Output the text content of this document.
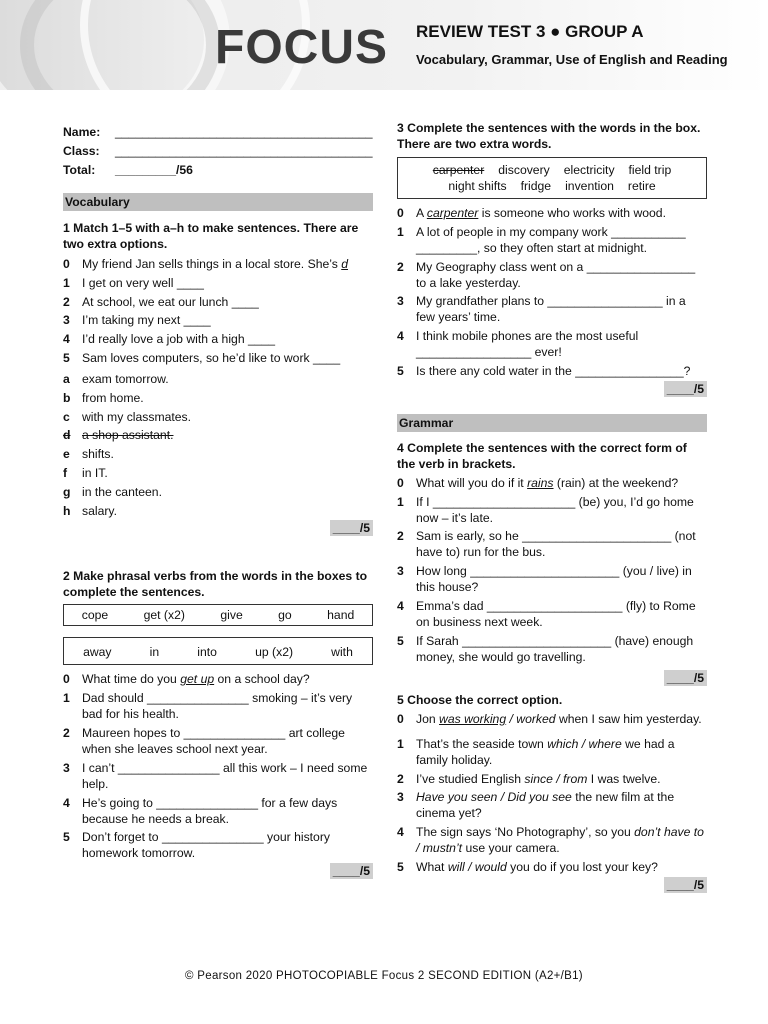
FOCUS REVIEW TEST 3 ● GROUP A
Vocabulary, Grammar, Use of English and Reading
Name:	______________________________________
Class:	______________________________________
Total:	_________/56
Vocabulary
1 Match 1–5 with a–h to make sentences. There are two extra options.
0	My friend Jan sells things in a local store. She’s d
1	I get on very well ____
2	At school, we eat our lunch ____
3	I’m taking my next ____
4	I’d really love a job with a high ____
5	Sam loves computers, so he’d like to work ____
a	exam tomorrow.
b from home.
c	with my classmates.
d a shop assistant.
e	shifts.
f	in IT.
g in the canteen.
h salary.
____/5
2 Make phrasal verbs from the words in the boxes to complete the sentences.
cope	get (x2)	give	go	hand
away	in	into	up (x2)	with
0	What time do you get up on a school day?
1	Dad should _______________ smoking – it’s very bad for his health.
2	Maureen hopes to _______________ art college when she leaves school next year.
3	I can’t _______________ all this work – I need some help.
4	He’s going to _______________ for a few days because he needs a break.
5	Don’t forget to _______________ your history homework tomorrow.
____/5
3 Complete the sentences with the words in the box. There are two extra words.
carpenter discovery electricity field trip
night shifts fridge invention retire
0	A carpenter is someone who works with wood.
1	A lot of people in my company work ___________ _________, so they often start at midnight.
2	My Geography class went on a ________________ to a lake yesterday.
3	My grandfather plans to _________________ in a few years’ time.
4	I think mobile phones are the most useful _________________ ever!
5	Is there any cold water in the ________________?
____/5
Grammar
4 Complete the sentences with the correct form of the verb in brackets.
0	What will you do if it rains (rain) at the weekend?
1	If I _____________________ (be) you, I’d go home now – it’s late.
2	Sam is early, so he ______________________ (not have to) run for the bus.
3	How long ______________________ (you / live) in this house?
4	Emma’s dad ____________________ (fly) to Rome on business next week.
5	If Sarah ______________________ (have) enough money, she would go travelling.
____/5
5 Choose the correct option.
0	Jon was working / worked when I saw him yesterday.
1	That’s the seaside town which / where we had a family holiday.
2	I’ve studied English since / from I was twelve.
3	Have you seen / Did you see the new film at the cinema yet?
4	The sign says ‘No Photography’, so you don’t have to / mustn’t use your camera.
5	What will / would you do if you lost your key?
____/5
© Pearson 2020 PHOTOCOPIABLE Focus 2 SECOND EDITION (A2+/B1)
